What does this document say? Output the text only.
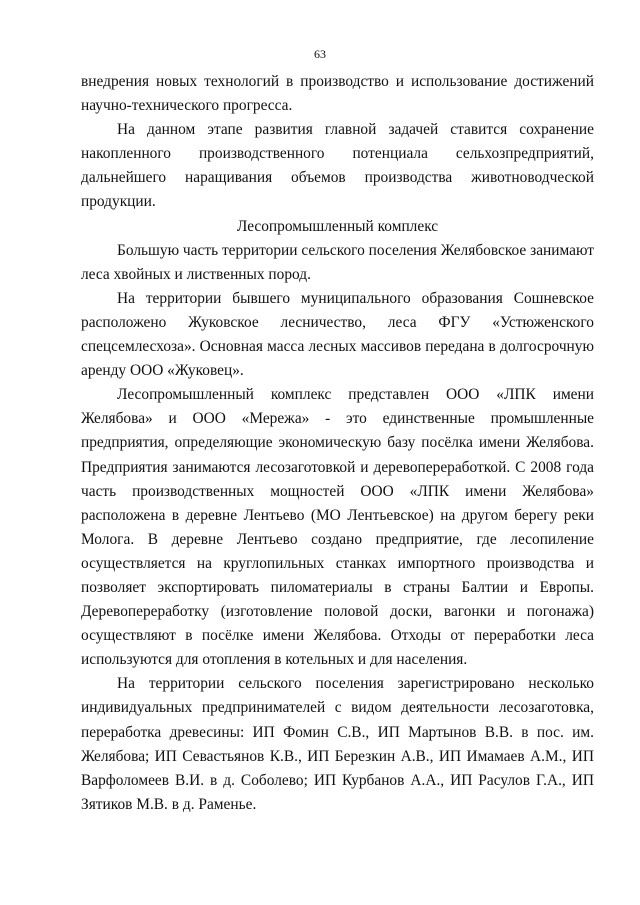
63

внедрения новых технологий в производство и использование достижений научно-технического прогресса.

На данном этапе развития главной задачей ставится сохранение накопленного производственного потенциала сельхозпредприятий, дальнейшего наращивания объемов производства животноводческой продукции.

Лесопромышленный комплекс

Большую часть территории сельского поселения Желябовское занимают леса хвойных и лиственных пород.

На территории бывшего муниципального образования Сошневское расположено Жуковское лесничество, леса ФГУ «Устюженского спецсемлесхоза». Основная масса лесных массивов передана в долгосрочную аренду ООО «Жуковец».

Лесопромышленный комплекс представлен ООО «ЛПК имени Желябова» и ООО «Мережа» - это единственные промышленные предприятия, определяющие экономическую базу посёлка имени Желябова. Предприятия занимаются лесозаготовкой и деревопереработкой. С 2008 года часть производственных мощностей ООО «ЛПК имени Желябова» расположена в деревне Лентьево (МО Лентьевское) на другом берегу реки Молога. В деревне Лентьево создано предприятие, где лесопиление осуществляется на круглопильных станках импортного производства и позволяет экспортировать пиломатериалы в страны Балтии и Европы. Деревопереработку (изготовление половой доски, вагонки и погонажа) осуществляют в посёлке имени Желябова. Отходы от переработки леса используются для отопления в котельных и для населения.

На территории сельского поселения зарегистрировано несколько индивидуальных предпринимателей с видом деятельности лесозаготовка, переработка древесины: ИП Фомин С.В., ИП Мартынов В.В. в пос. им. Желябова; ИП Севастьянов К.В., ИП Березкин А.В., ИП Имамаев А.М., ИП Варфоломеев В.И. в д. Соболево; ИП Курбанов А.А., ИП Расулов Г.А., ИП Зятиков М.В. в д. Раменье.
